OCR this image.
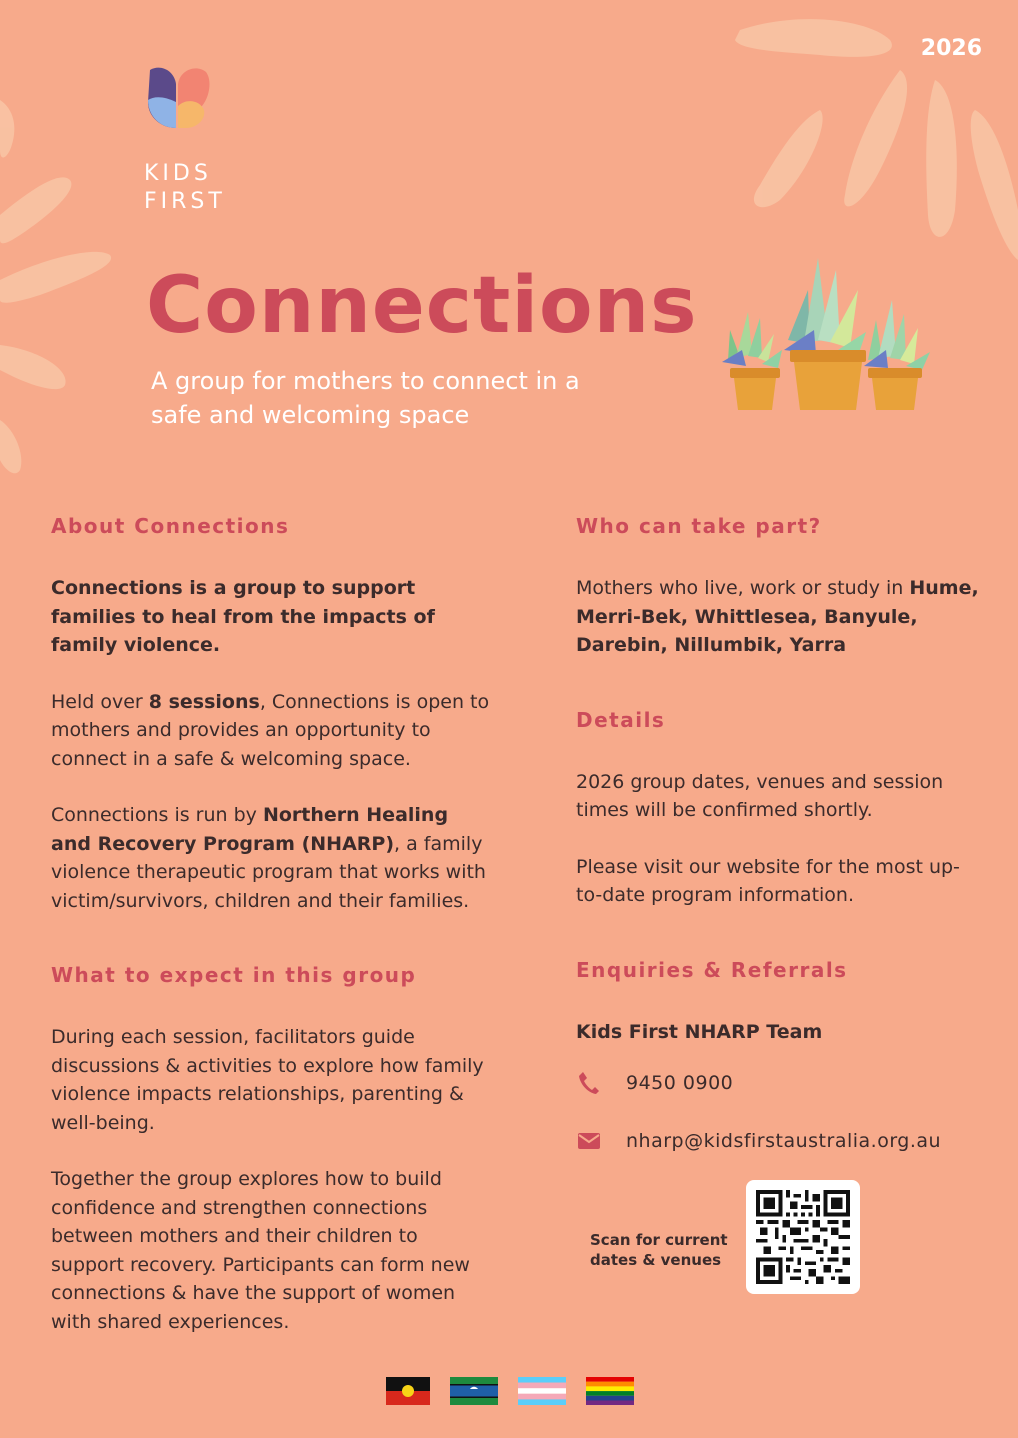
2026
KIDS
FIRST
Connections
A group for mothers to connect in a safe and welcoming space
About Connections

Connections is a group to support families to heal from the impacts of family violence.

Held over 8 sessions, Connections is open to mothers and provides an opportunity to connect in a safe & welcoming space.

Connections is run by Northern Healing and Recovery Program (NHARP), a family violence therapeutic program that works with victim/survivors, children and their families.

What to expect in this group

During each session, facilitators guide discussions & activities to explore how family violence impacts relationships, parenting & well-being.

Together the group explores how to build confidence and strengthen connections between mothers and their children to support recovery. Participants can form new connections & have the support of women with shared experiences.

Who can take part?

Mothers who live, work or study in Hume, Merri-Bek, Whittlesea, Banyule, Darebin, Nillumbik, Yarra

Details

2026 group dates, venues and session times will be confirmed shortly.

Please visit our website for the most up-to-date program information.

Enquiries & Referrals

Kids First NHARP Team

9450 0900
nharp@kidsfirstaustralia.org.au
Scan for current dates & venues
